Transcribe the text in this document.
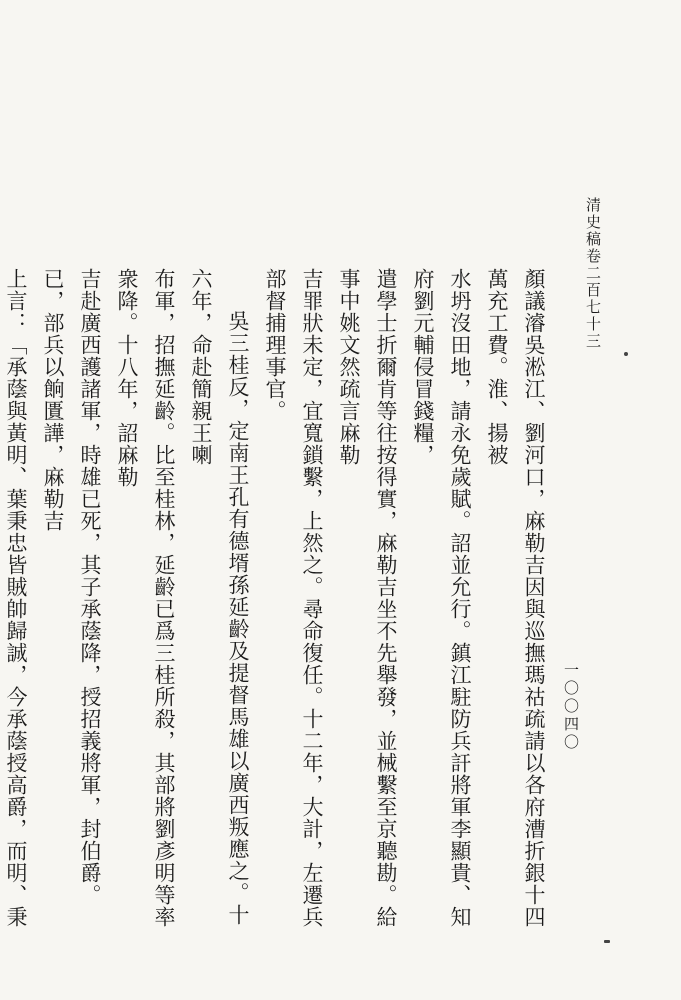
清史稿卷二百七十三
一〇〇四〇
顏議濬吳淞江、劉河口，麻勒吉因與巡撫瑪祜疏請以各府漕折銀十四萬充工費。淮、揚被
水坍沒田地，請永免歲賦。詔並允行。鎮江駐防兵訐將軍李顯貴、知府劉元輔侵冒錢糧，
遣學士折爾肯等往按得實，麻勒吉坐不先舉發，並械繫至京聽勘。給事中姚文然疏言麻勒
吉罪狀未定，宜寬鎖繫，上然之。尋命復任。十二年，大計，左遷兵部督捕理事官。
吳三桂反，定南王孔有德壻孫延齡及提督馬雄以廣西叛應之。十六年，命赴簡親王喇
布軍，招撫延齡。比至桂林，延齡已爲三桂所殺，其部將劉彥明等率衆降。十八年，詔麻勒
吉赴廣西護諸軍，時雄已死，其子承蔭降，授招義將軍，封伯爵。已，部兵以餉匱譁，麻勒吉
上言：「承蔭與黃明、葉秉忠皆賊帥歸誠，今承蔭授高爵，而明、秉
